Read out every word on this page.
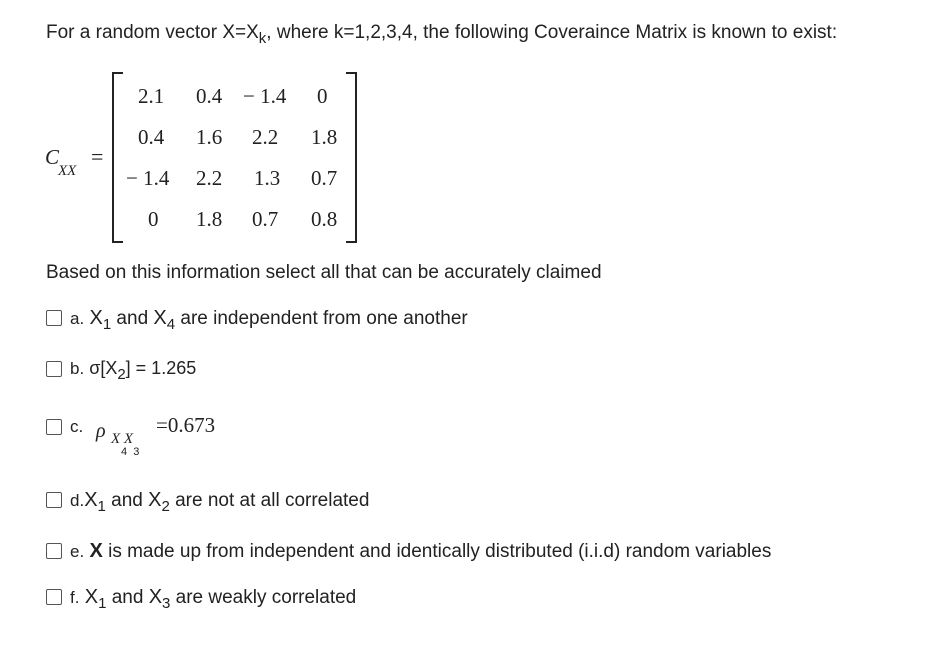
For a random vector $X=X_k$, where k=1,2,3,4, the following Coveraince Matrix is known to exist:
C
XX
=
2.1 0.4 − 1.4 0
0.4 1.6 2.2 1.8
− 1.4 2.2 1.3 0.7
0 1.8 0.7 0.8
Based on this information select all that can be accurately claimed
a. $X_1$ and $X_4$ are independent from one another
b. $\sigma[X_2] = 1.265$
c. ρ X X
4  3
=0.673
$d.X_1$ and $X_2$ are not at all correlated
e. X is made up from independent and identically distributed (i.i.d) random variables
f. $X_1$ and $X_3$ are weakly correlated
